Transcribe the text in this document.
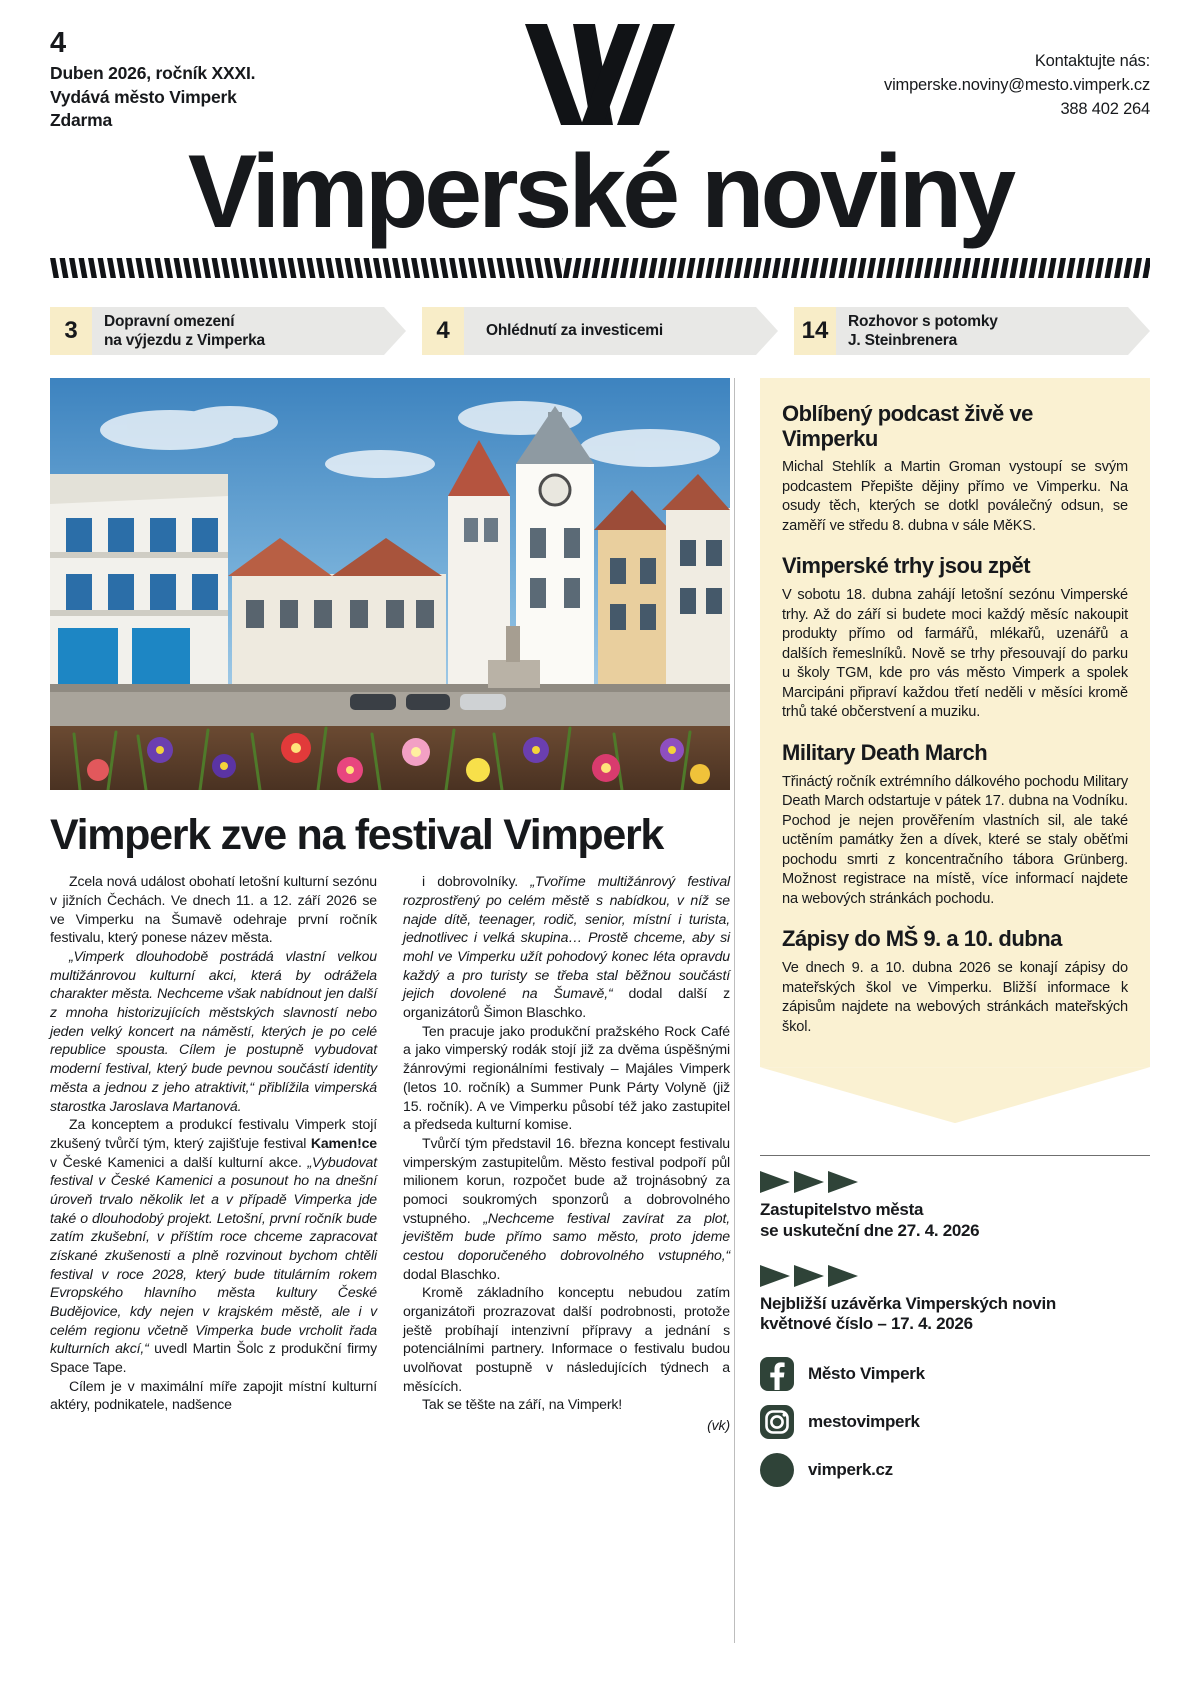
4
Duben 2026, ročník XXXI.
Vydává město Vimperk
Zdarma
Kontaktujte nás:
vimperske.noviny@mesto.vimperk.cz
388 402 264
Vimperské noviny
3	Dopravní omezení
na výjezdu z Vimperka	4	Ohlédnutí za investicemi	14	Rozhovor s potomky
J. Steinbrenera
Vimperk zve na festival Vimperk

Zcela nová událost obohatí letošní kulturní sezónu v jižních Čechách. Ve dnech 11. a 12. září 2026 se ve Vimperku na Šumavě odehraje první ročník festivalu, který ponese název města.

„Vimperk dlouhodobě postrádá vlastní velkou multižánrovou kulturní akci, která by odrážela charakter města. Nechceme však nabídnout jen další z mnoha historizujících městských slavností nebo jeden velký koncert na náměstí, kterých je po celé republice spousta. Cílem je postupně vybudovat moderní festival, který bude pevnou součástí identity města a jednou z jeho atraktivit,“ přiblížila vimperská starostka Jaroslava Martanová.

Za konceptem a produkcí festivalu Vimperk stojí zkušený tvůrčí tým, který zajišťuje festival Kamen!ce v České Kamenici a další kulturní akce. „Vybudovat festival v České Kamenici a posunout ho na dnešní úroveň trvalo několik let a v případě Vimperka jde také o dlouhodobý projekt. Letošní, první ročník bude zatím zkušební, v příštím roce chceme zapracovat získané zkušenosti a plně rozvinout bychom chtěli festival v roce 2028, který bude titulárním rokem Evropského hlavního města kultury České Budějovice, kdy nejen v krajském městě, ale i v celém regionu včetně Vimperka bude vrcholit řada kulturních akcí,“ uvedl Martin Šolc z produkční firmy Space Tape.

Cílem je v maximální míře zapojit místní kulturní aktéry, podnikatele, nadšence

i dobrovolníky. „Tvoříme multižánrový festival rozprostřený po celém městě s nabídkou, v níž se najde dítě, teenager, rodič, senior, místní i turista, jednotlivec i velká skupina… Prostě chceme, aby si mohl ve Vimperku užít pohodový konec léta opravdu každý a pro turisty se třeba stal běžnou součástí jejich dovolené na Šumavě,“ dodal další z organizátorů Šimon Blaschko.

Ten pracuje jako produkční pražského Rock Café a jako vimperský rodák stojí již za dvěma úspěšnými žánrovými regionálními festivaly – Majáles Vimperk (letos 10. ročník) a Summer Punk Párty Volyně (již 15. ročník). A ve Vimperku působí též jako zastupitel a předseda kulturní komise.

Tvůrčí tým představil 16. března koncept festivalu vimperským zastupitelům. Město festival podpoří půl milionem korun, rozpočet bude až trojnásobný za pomoci soukromých sponzorů a dobrovolného vstupného. „Nechceme festival zavírat za plot, jevištěm bude přímo samo město, proto jdeme cestou doporučeného dobrovolného vstupného,“ dodal Blaschko.

Kromě základního konceptu nebudou zatím organizátoři prozrazovat další podrobnosti, protože ještě probíhají intenzivní přípravy a jednání s potenciálními partnery. Informace o festivalu budou uvolňovat postupně v následujících týdnech a měsících.

Tak se těšte na září, na Vimperk!

(vk)

Oblíbený podcast živě ve Vimperku

Michal Stehlík a Martin Groman vystoupí se svým podcastem Přepište dějiny přímo ve Vimperku. Na osudy těch, kterých se dotkl poválečný odsun, se zaměří ve středu 8. dubna v sále MěKS.

Vimperské trhy jsou zpět

V sobotu 18. dubna zahájí letošní sezónu Vimperské trhy. Až do září si budete moci každý měsíc nakoupit produkty přímo od farmářů, mlékařů, uzenářů a dalších řemeslníků. Nově se trhy přesouvají do parku u školy TGM, kde pro vás město Vimperk a spolek Marcipáni připraví každou třetí neděli v měsíci kromě trhů také občerstvení a muziku.

Military Death March

Třináctý ročník extrémního dálkového pochodu Military Death March odstartuje v pátek 17. dubna na Vodníku. Pochod je nejen prověřením vlastních sil, ale také uctěním památky žen a dívek, které se staly oběťmi pochodu smrti z koncentračního tábora Grünberg. Možnost registrace na místě, více informací najdete na webových stránkách pochodu.

Zápisy do MŠ 9. a 10. dubna

Ve dnech 9. a 10. dubna 2026 se konají zápisy do mateřských škol ve Vimperku. Bližší informace k zápisům najdete na webových stránkách mateřských škol.

Zastupitelstvo města
se uskuteční dne 27. 4. 2026
Nejbližší uzávěrka Vimperských novin
květnové číslo – 17. 4. 2026
Město Vimperk
mestovimperk
vimperk.cz
